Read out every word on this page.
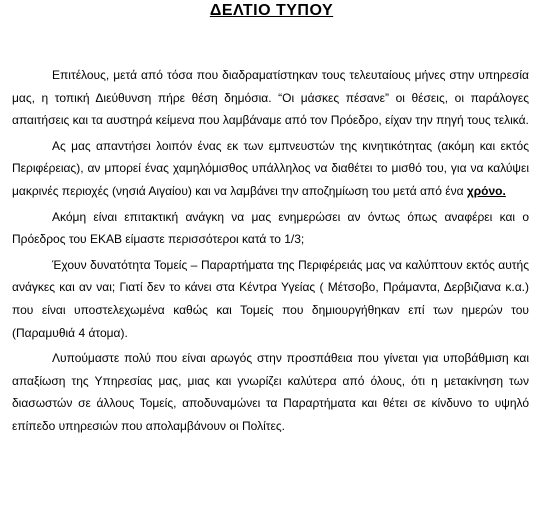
ΔΕΛΤΙΟ ΤΥΠΟΥ

Επιτέλους, μετά από τόσα που διαδραματίστηκαν τους τελευταίους μήνες στην υπηρεσία μας, η τοπική Διεύθυνση πήρε θέση δημόσια. “Οι μάσκες πέσανε” οι θέσεις, οι παράλογες απαιτήσεις και τα αυστηρά κείμενα που λαμβάναμε από τον Πρόεδρο, είχαν την πηγή τους τελικά.

Ας μας απαντήσει λοιπόν ένας εκ των εμπνευστών της κινητικότητας (ακόμη και εκτός Περιφέρειας), αν μπορεί ένας χαμηλόμισθος υπάλληλος να διαθέτει το μισθό του, για να καλύψει μακρινές περιοχές (νησιά Αιγαίου) και να λαμβάνει την αποζημίωση του μετά από ένα χρόνο.

Ακόμη είναι επιτακτική ανάγκη να μας ενημερώσει αν όντως όπως αναφέρει και ο Πρόεδρος του ΕΚΑΒ είμαστε περισσότεροι κατά το 1/3;

Έχουν δυνατότητα Τομείς – Παραρτήματα της Περιφέρειάς μας να καλύπτουν εκτός αυτής ανάγκες και αν ναι; Γιατί δεν το κάνει στα Κέντρα Υγείας ( Μέτσοβο, Πράμαντα, Δερβιζιανα κ.α.) που είναι υποστελεχωμένα καθώς και Τομείς που δημιουργήθηκαν επί των ημερών του (Παραμυθιά 4 άτομα).

Λυπούμαστε πολύ που είναι αρωγός στην προσπάθεια που γίνεται για υποβάθμιση και απαξίωση της Υπηρεσίας μας, μιας και γνωρίζει καλύτερα από όλους, ότι η μετακίνηση των διασωστών σε άλλους Τομείς, αποδυναμώνει τα Παραρτήματα και θέτει σε κίνδυνο το υψηλό επίπεδο υπηρεσιών που απολαμβάνουν οι Πολίτες.
